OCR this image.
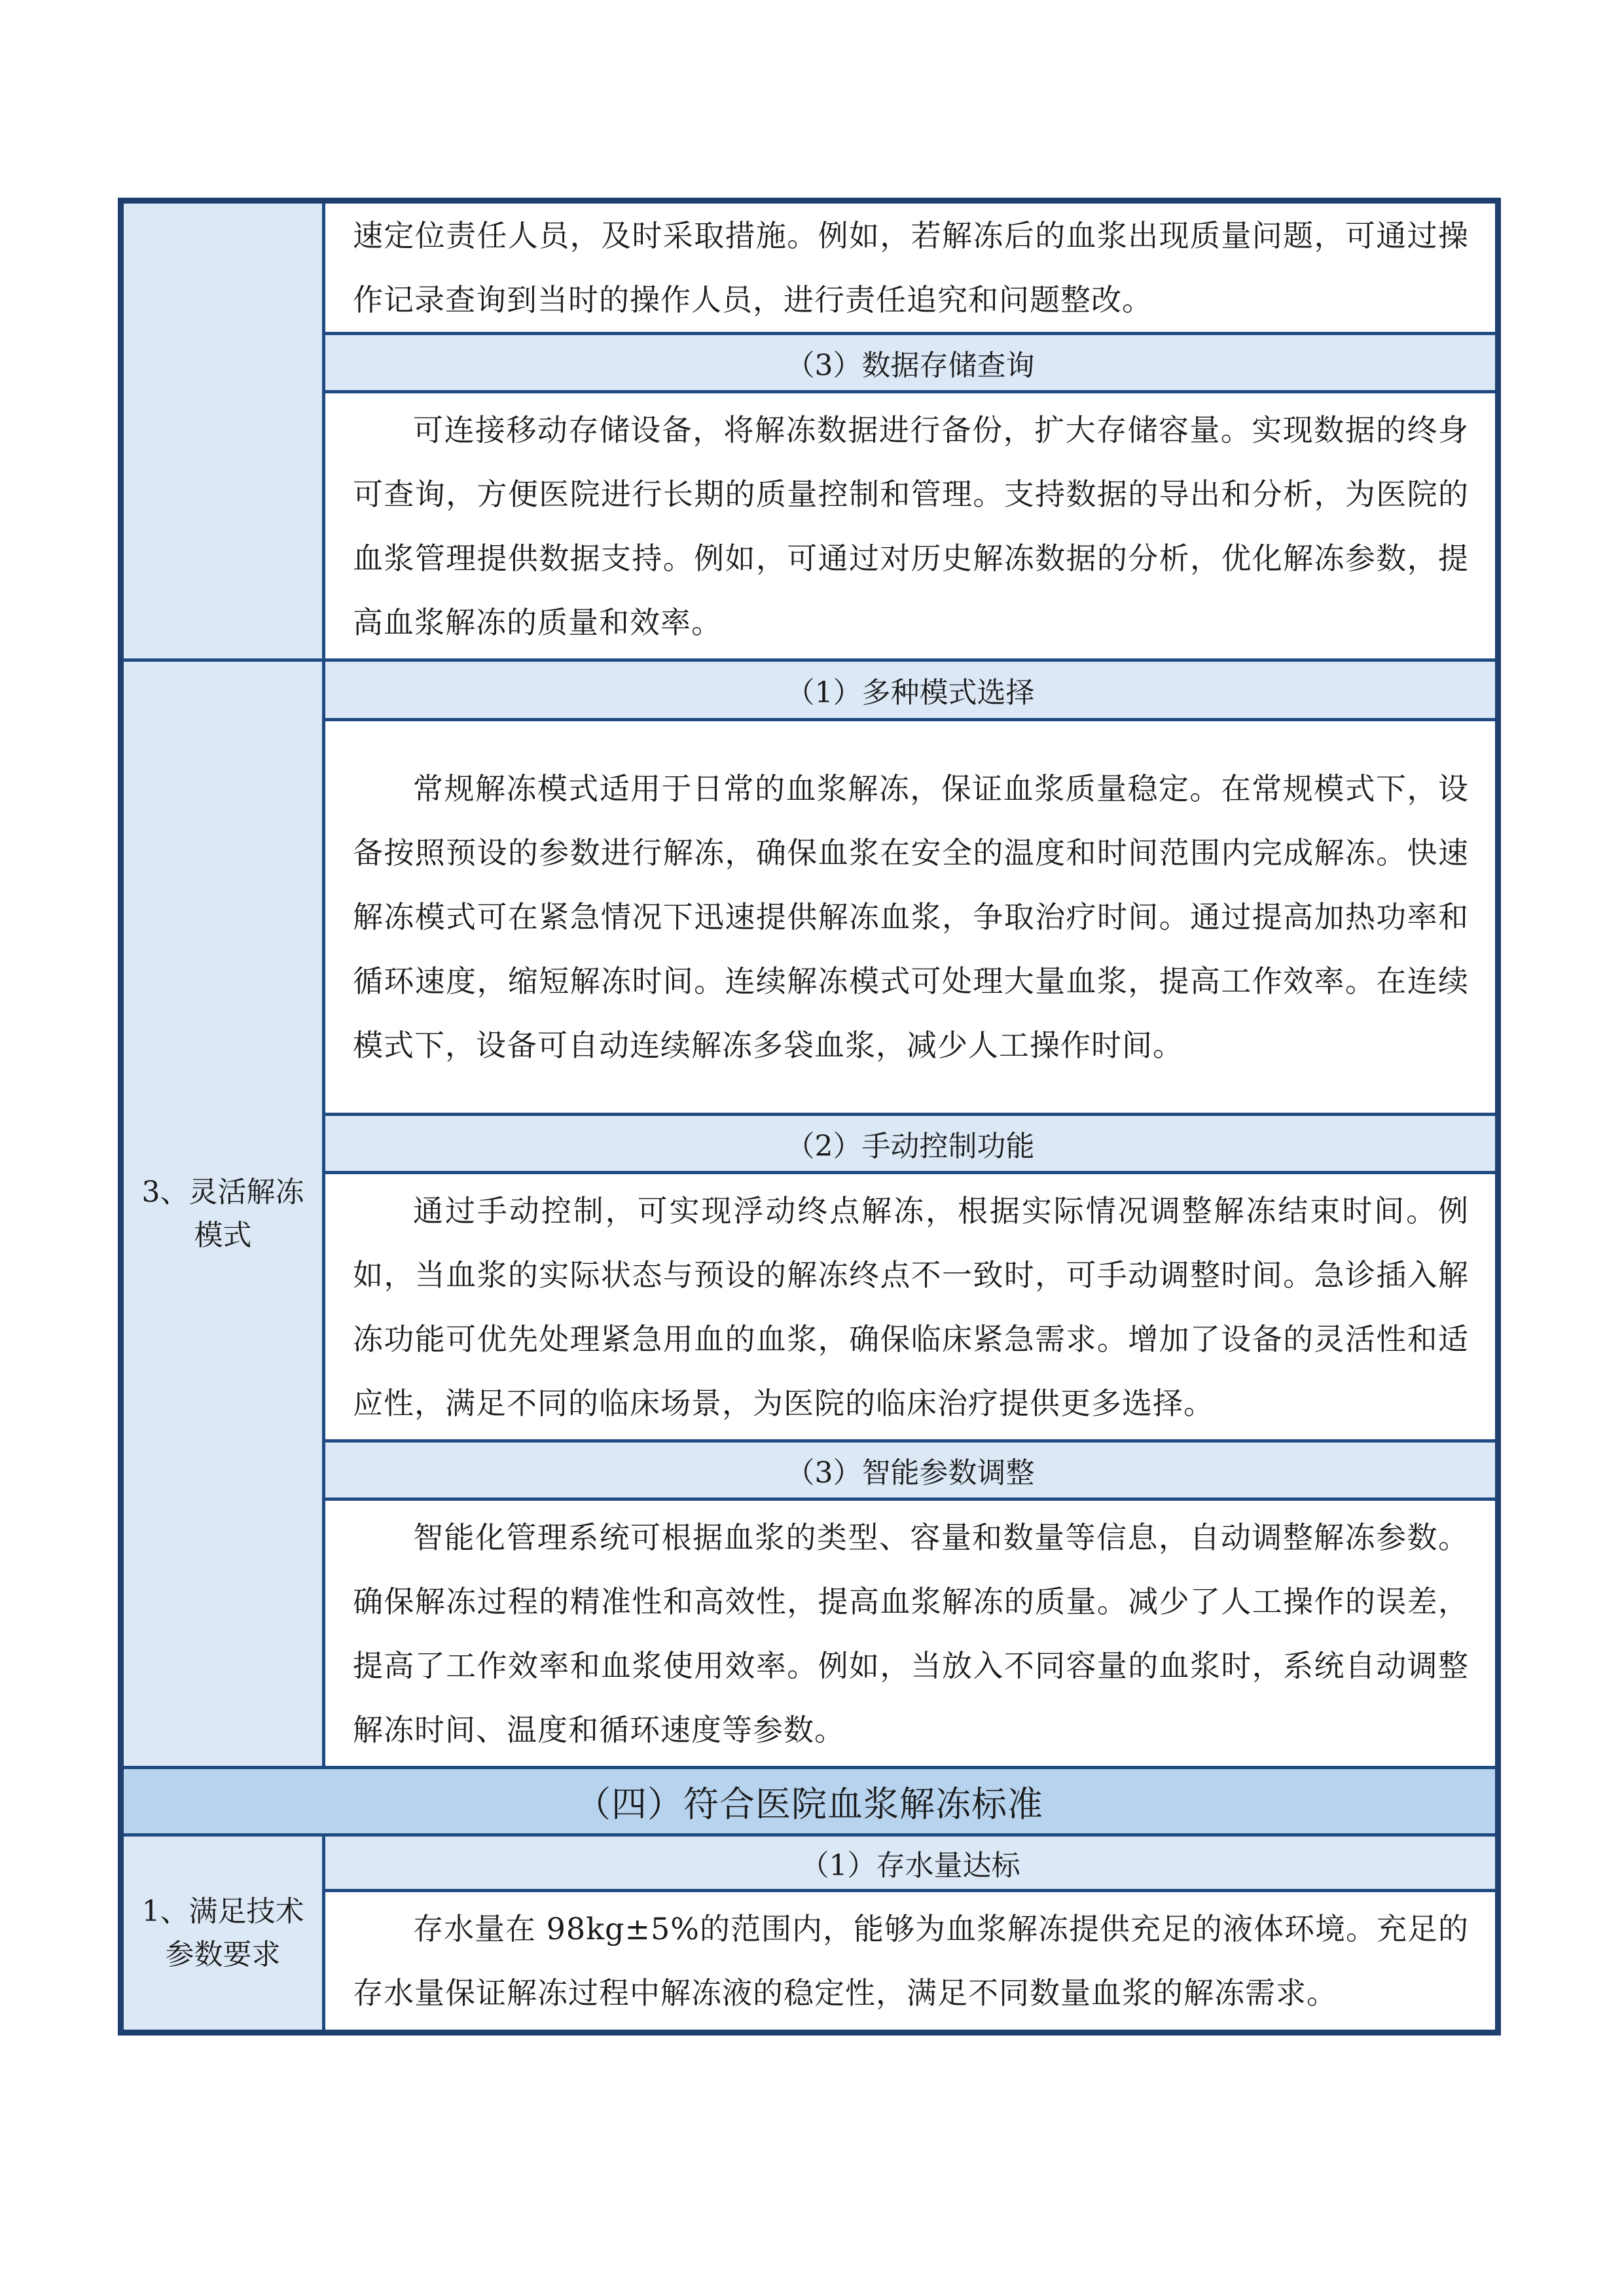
	速定位责任人员，及时采取措施。例如，若解冻后的血浆出现质量问题，可通过操作记录查询到当时的操作人员，进行责任追究和问题整改。
	（3）数据存储查询
	可连接移动存储设备，将解冻数据进行备份，扩大存储容量。实现数据的终身可查询，方便医院进行长期的质量控制和管理。支持数据的导出和分析，为医院的血浆管理提供数据支持。例如，可通过对历史解冻数据的分析，优化解冻参数，提高血浆解冻的质量和效率。
3、灵活解冻模式	（1）多种模式选择
	常规解冻模式适用于日常的血浆解冻，保证血浆质量稳定。在常规模式下，设备按照预设的参数进行解冻，确保血浆在安全的温度和时间范围内完成解冻。快速解冻模式可在紧急情况下迅速提供解冻血浆，争取治疗时间。通过提高加热功率和循环速度，缩短解冻时间。连续解冻模式可处理大量血浆，提高工作效率。在连续模式下，设备可自动连续解冻多袋血浆，减少人工操作时间。
	（2）手动控制功能
	通过手动控制，可实现浮动终点解冻，根据实际情况调整解冻结束时间。例如，当血浆的实际状态与预设的解冻终点不一致时，可手动调整时间。急诊插入解冻功能可优先处理紧急用血的血浆，确保临床紧急需求。增加了设备的灵活性和适应性，满足不同的临床场景，为医院的临床治疗提供更多选择。
	（3）智能参数调整
	智能化管理系统可根据血浆的类型、容量和数量等信息，自动调整解冻参数。确保解冻过程的精准性和高效性，提高血浆解冻的质量。减少了人工操作的误差，提高了工作效率和血浆使用效率。例如，当放入不同容量的血浆时，系统自动调整解冻时间、温度和循环速度等参数。
（四）符合医院血浆解冻标准	
1、满足技术参数要求	（1）存水量达标
	存水量在 98kg±5%的范围内，能够为血浆解冻提供充足的液体环境。充足的存水量保证解冻过程中解冻液的稳定性，满足不同数量血浆的解冻需求。
